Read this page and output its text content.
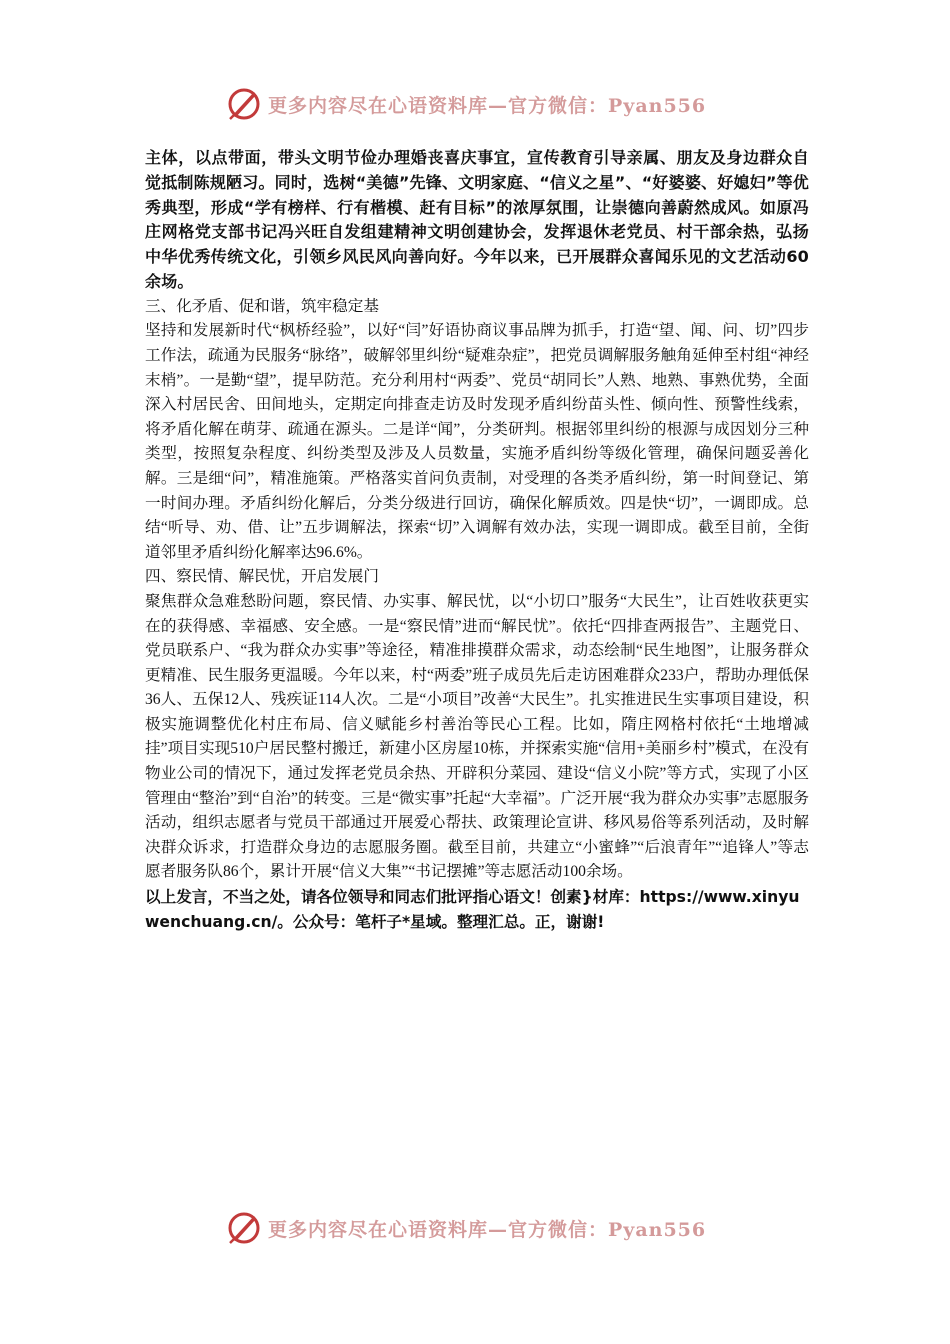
更多内容尽在心语资料库—官方微信：Pyan556

主体，以点带面，带头文明节俭办理婚丧喜庆事宜，宣传教育引导亲属、朋友及身边群众自觉抵制陈规陋习。同时，选树“美德”先锋、文明家庭、“信义之星”、“好婆婆、好媳妇”等优秀典型，形成“学有榜样、行有楷模、赶有目标”的浓厚氛围，让崇德向善蔚然成风。如原冯庄网格党支部书记冯兴旺自发组建精神文明创建协会，发挥退休老党员、村干部余热，弘扬中华优秀传统文化，引领乡风民风向善向好。今年以来，已开展群众喜闻乐见的文艺活动60余场。

三、化矛盾、促和谐，筑牢稳定基

坚持和发展新时代“枫桥经验”，以好“闫”好语协商议事品牌为抓手，打造“望、闻、问、切”四步工作法，疏通为民服务“脉络”，破解邻里纠纷“疑难杂症”，把党员调解服务触角延伸至村组“神经末梢”。一是勤“望”，提早防范。充分利用村“两委”、党员“胡同长”人熟、地熟、事熟优势，全面深入村居民舍、田间地头，定期定向排查走访及时发现矛盾纠纷苗头性、倾向性、预警性线索，将矛盾化解在萌芽、疏通在源头。二是详“闻”，分类研判。根据邻里纠纷的根源与成因划分三种类型，按照复杂程度、纠纷类型及涉及人员数量，实施矛盾纠纷等级化管理，确保问题妥善化解。三是细“问”，精准施策。严格落实首问负责制，对受理的各类矛盾纠纷，第一时间登记、第一时间办理。矛盾纠纷化解后，分类分级进行回访，确保化解质效。四是快“切”，一调即成。总结“听导、劝、借、让”五步调解法，探索“切”入调解有效办法，实现一调即成。截至目前，全街道邻里矛盾纠纷化解率达96.6%。

四、察民情、解民忧，开启发展门

聚焦群众急难愁盼问题，察民情、办实事、解民忧，以“小切口”服务“大民生”，让百姓收获更实在的获得感、幸福感、安全感。一是“察民情”进而“解民忧”。依托“四排查两报告”、主题党日、党员联系户、“我为群众办实事”等途径，精准排摸群众需求，动态绘制“民生地图”，让服务群众更精准、民生服务更温暖。今年以来，村“两委”班子成员先后走访困难群众233户，帮助办理低保36人、五保12人、残疾证114人次。二是“小项目”改善“大民生”。扎实推进民生实事项目建设，积极实施调整优化村庄布局、信义赋能乡村善治等民心工程。比如，隋庄网格村依托“土地增减挂”项目实现510户居民整村搬迁，新建小区房屋10栋，并探索实施“信用+美丽乡村”模式，在没有物业公司的情况下，通过发挥老党员余热、开辟积分菜园、建设“信义小院”等方式，实现了小区管理由“整治”到“自治”的转变。三是“微实事”托起“大幸福”。广泛开展“我为群众办实事”志愿服务活动，组织志愿者与党员干部通过开展爱心帮扶、政策理论宣讲、移风易俗等系列活动，及时解决群众诉求，打造群众身边的志愿服务圈。截至目前，共建立“小蜜蜂”“后浪青年”“追锋人”等志愿者服务队86个，累计开展“信义大集”“书记摆摊”等志愿活动100余场。

以上发言，不当之处，请各位领导和同志们批评指心语文！创素}材库：https://www.xinyuwenchuang.cn/。公众号：笔杆子*星域。整理汇总。正，谢谢!

更多内容尽在心语资料库—官方微信：Pyan556
